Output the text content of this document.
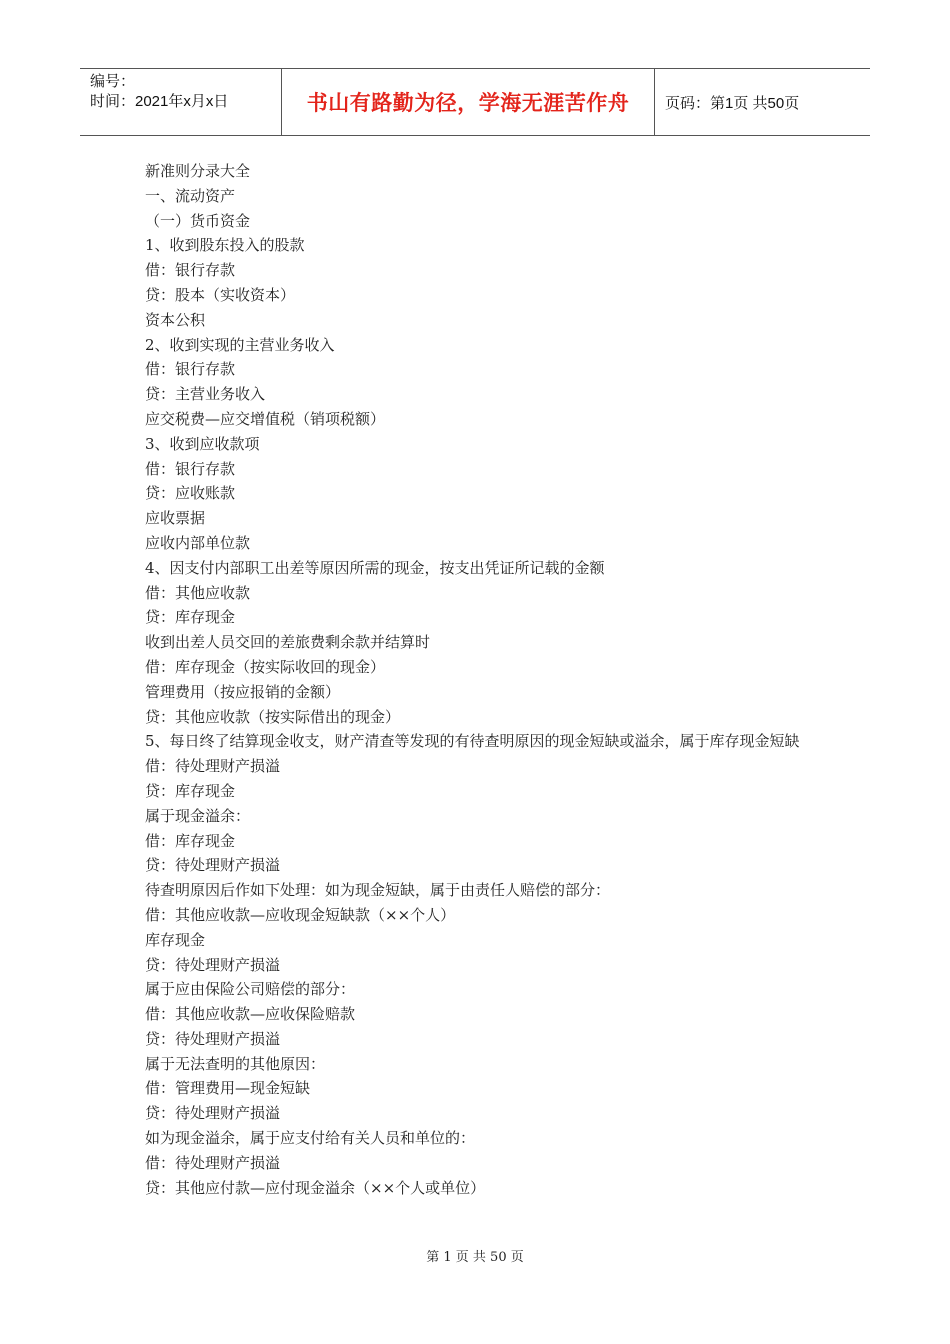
编号：
时间：2021年x月x日	书山有路勤为径，学海无涯苦作舟	页码：第1页 共50页
新准则分录大全
一、流动资产
（一）货币资金
1、收到股东投入的股款
借：银行存款
贷：股本（实收资本）
资本公积
2、收到实现的主营业务收入
借：银行存款
贷：主营业务收入
应交税费—应交增值税（销项税额）
3、收到应收款项
借：银行存款
贷：应收账款
应收票据
应收内部单位款
4、因支付内部职工出差等原因所需的现金，按支出凭证所记载的金额
借：其他应收款
贷：库存现金
收到出差人员交回的差旅费剩余款并结算时
借：库存现金（按实际收回的现金）
管理费用（按应报销的金额）
贷：其他应收款（按实际借出的现金）
5、每日终了结算现金收支，财产清查等发现的有待查明原因的现金短缺或溢余，属于库存现金短缺
借：待处理财产损溢
贷：库存现金
属于现金溢余：
借：库存现金
贷：待处理财产损溢
待查明原因后作如下处理：如为现金短缺，属于由责任人赔偿的部分：
借：其他应收款—应收现金短缺款（××个人）
库存现金
贷：待处理财产损溢
属于应由保险公司赔偿的部分：
借：其他应收款—应收保险赔款
贷：待处理财产损溢
属于无法查明的其他原因：
借：管理费用—现金短缺
贷：待处理财产损溢
如为现金溢余，属于应支付给有关人员和单位的：
借：待处理财产损溢
贷：其他应付款—应付现金溢余（××个人或单位）
第 1 页 共 50 页
